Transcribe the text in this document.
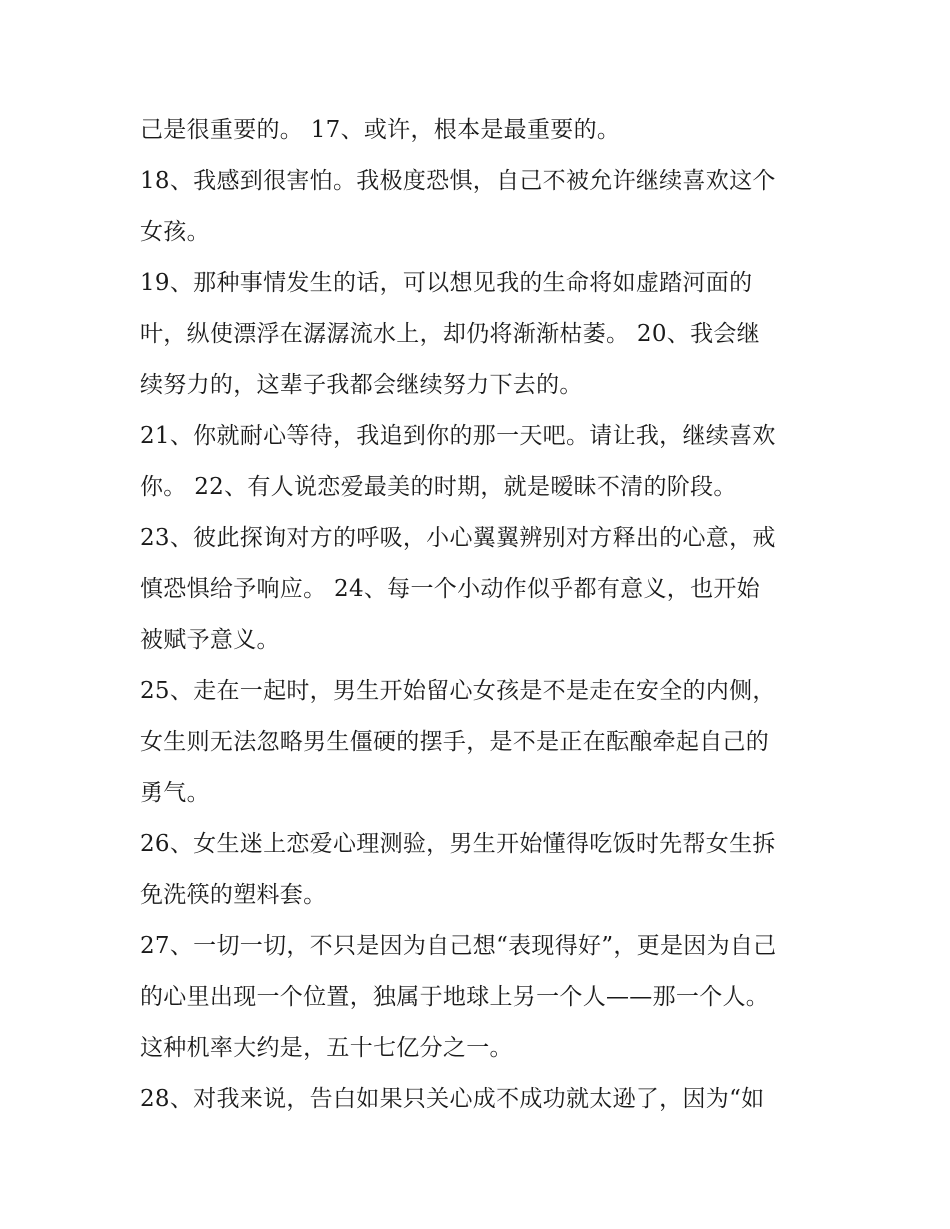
己是很重要的。 17、或许，根本是最重要的。
18、我感到很害怕。我极度恐惧，自己不被允许继续喜欢这个
女孩。
19、那种事情发生的话，可以想见我的生命将如虚踏河面的
叶，纵使漂浮在潺潺流水上，却仍将渐渐枯萎。 20、我会继
续努力的，这辈子我都会继续努力下去的。
21、你就耐心等待，我追到你的那一天吧。请让我，继续喜欢
你。 22、有人说恋爱最美的时期，就是暧昧不清的阶段。
23、彼此探询对方的呼吸，小心翼翼辨别对方释出的心意，戒
慎恐惧给予响应。 24、每一个小动作似乎都有意义，也开始
被赋予意义。
25、走在一起时，男生开始留心女孩是不是走在安全的内侧，
女生则无法忽略男生僵硬的摆手，是不是正在酝酿牵起自己的
勇气。
26、女生迷上恋爱心理测验，男生开始懂得吃饭时先帮女生拆
免洗筷的塑料套。
27、一切一切，不只是因为自己想“表现得好”，更是因为自己
的心里出现一个位置，独属于地球上另一个人——那一个人。
这种机率大约是，五十七亿分之一。
28、对我来说，告白如果只关心成不成功就太逊了，因为“如
